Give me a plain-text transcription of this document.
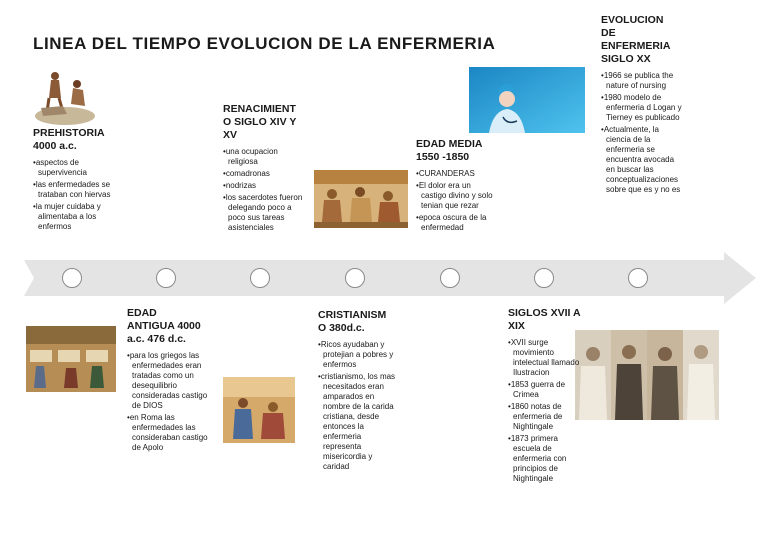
LINEA DEL TIEMPO EVOLUCION DE LA ENFERMERIA
PREHISTORIA
4000 a.c.
• aspectos de supervivencia
• las enfermedades se trataban con hiervas
• la mujer cuidaba y alimentaba a los enfermos
RENACIMIENT
O SIGLO XIV Y
XV
• una ocupacion religiosa
• comadronas
• nodrizas
• los sacerdotes fueron delegando poco a poco sus tareas asistenciales
EDAD MEDIA
1550 -1850
• CURANDERAS
• El dolor era un castigo divino y solo tenian que rezar
• epoca oscura de la enfermedad
EVOLUCION
DE
ENFERMERIA
SIGLO XX
• 1966 se publica the nature of nursing
• 1980 modelo de enfermeria d Logan y Tierney es publicado
• Actualmente, la ciencia de la enfermeria se encuentra avocada en buscar las conceptualizaciones sobre que es y no es
EDAD
ANTIGUA 4000
a.c. 476 d.c.
• para los griegos las enfermedades eran tratadas como un desequilibrio consideradas castigo de DIOS
• en Roma las enfermedades las consideraban castigo de Apolo
CRISTIANISM
O 380d.c.
• Ricos ayudaban y protejian a pobres y enfermos
• cristianismo, los mas necesitados eran amparados en nombre de la carida cristiana, desde entonces la enfermeria representa misericordia y caridad
SIGLOS XVII A
XIX
• XVII surge movimiento intelectual llamado Ilustracion
• 1853 guerra de Crimea
• 1860 notas de enfermeria de Nightingale
• 1873 primera escuela de enfermeria con principios de Nightingale
